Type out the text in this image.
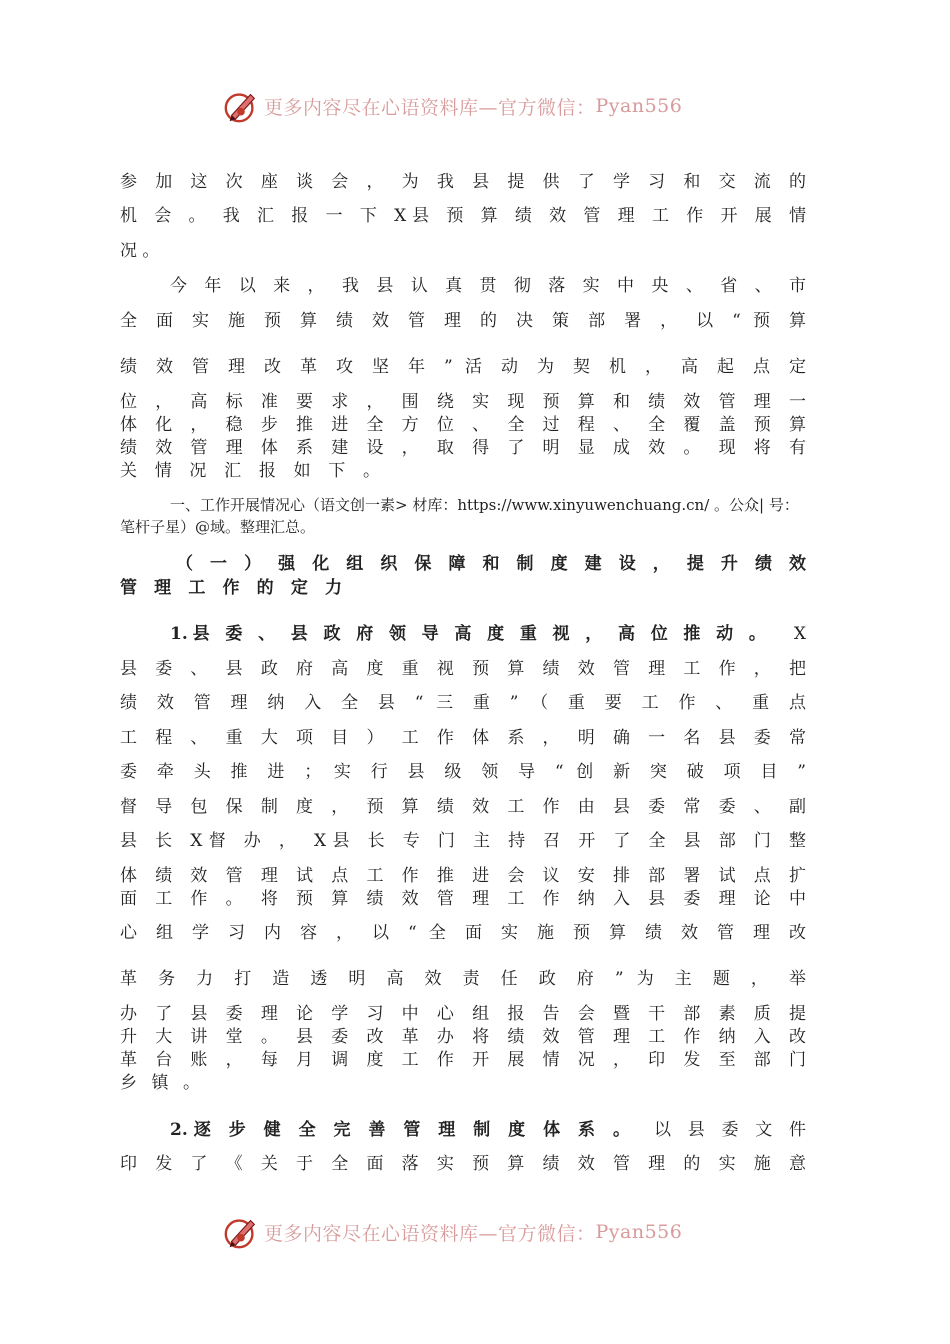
更多内容尽在心语资料库—官方微信： Pyan556
参 加 这 次 座 谈 会 ， 为 我 县 提 供 了 学 习 和 交 流 的
机 会 。 我 汇 报 一 下 X县 预 算 绩 效 管 理 工 作 开 展 情
况 。
今 年 以 来 ， 我 县 认 真 贯 彻 落 实 中 央 、 省 、 市
全 面 实 施 预 算 绩 效 管 理 的 决 策 部 署 ， 以 “ 预 算
绩 效 管 理 改 革 攻 坚 年 ” 活 动 为 契 机 ， 高 起 点 定
位 ， 高 标 准 要 求 ， 围 绕 实 现 预 算 和 绩 效 管 理 一
体 化 ， 稳 步 推 进 全 方 位 、 全 过 程 、 全 覆 盖 预 算
绩 效 管 理 体 系 建 设 ， 取 得 了 明 显 成 效 。 现 将 有
关 情 况 汇 报 如 下 。
一、工作开展情况心（语文创一素> 材库：https://www.xinyuwenchuang.cn/ 。公众| 号：
笔杆子星）@域。整理汇总。
（ 一 ） 强 化 组 织 保 障 和 制 度 建 设 ， 提 升 绩 效
管 理 工 作 的 定 力
1.县 委 、 县 政 府 领 导 高 度 重 视 ， 高 位 推 动 。 X
县 委 、 县 政 府 高 度 重 视 预 算 绩 效 管 理 工 作 ， 把
绩 效 管 理 纳 入 全 县 “ 三 重 ” （ 重 要 工 作 、 重 点
工 程 、 重 大 项 目 ） 工 作 体 系 ， 明 确 一 名 县 委 常
委 牵 头 推 进 ； 实 行 县 级 领 导 “ 创 新 突 破 项 目 ”
督 导 包 保 制 度 ， 预 算 绩 效 工 作 由 县 委 常 委 、 副
县 长 X督 办 ， X县 长 专 门 主 持 召 开 了 全 县 部 门 整
体 绩 效 管 理 试 点 工 作 推 进 会 议 安 排 部 署 试 点 扩
面 工 作 。 将 预 算 绩 效 管 理 工 作 纳 入 县 委 理 论 中
心 组 学 习 内 容 ， 以 “ 全 面 实 施 预 算 绩 效 管 理 改
革 务 力 打 造 透 明 高 效 责 任 政 府 ” 为 主 题 ， 举
办 了 县 委 理 论 学 习 中 心 组 报 告 会 暨 干 部 素 质 提
升 大 讲 堂 。 县 委 改 革 办 将 绩 效 管 理 工 作 纳 入 改
革 台 账 ， 每 月 调 度 工 作 开 展 情 况 ， 印 发 至 部 门
乡 镇 。
2.逐 步 健 全 完 善 管 理 制 度 体 系 。 以 县 委 文 件
印 发 了 《 关 于 全 面 落 实 预 算 绩 效 管 理 的 实 施 意
更多内容尽在心语资料库—官方微信： Pyan556
